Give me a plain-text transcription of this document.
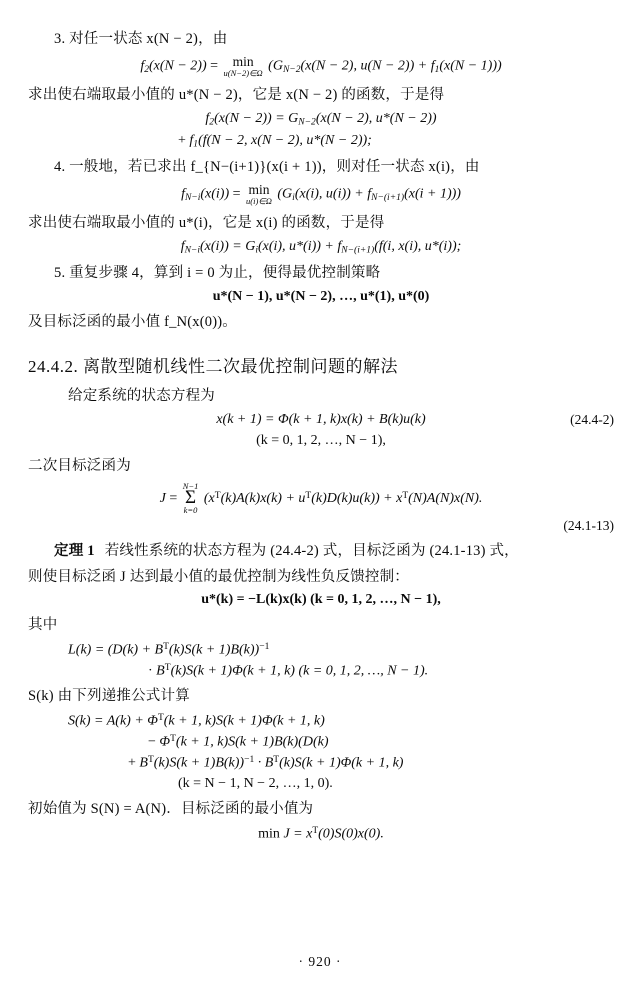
3. 对任一状态 x(N − 2)，由
$f_2(x(N - 2)) = \min$
u(N−2)∈Ω ($G_{N-2}(x(N - 2)$, $u(N - 2)) + f_1(x(N - 1))$)
求出使右端取最小值的 u*(N − 2)，它是 x(N − 2) 的函数，于是得
$f_2(x(N - 2)) = G_{N-2}(x(N - 2)$, u*(N − 2))
+ $f_1(f(N - 2$, x(N − 2), u*(N − 2));
4. 一般地，若已求出 f_{N−(i+1)}(x(i + 1))，则对任一状态 x(i)，由
$f_{N-i}(x(i)) = \min$
u(i)∈Ω ($G_i(x(i)$, $u(i)) + f_{N-(i+1)}(x(i + 1))$)
求出使右端取最小值的 u*(i)，它是 x(i) 的函数，于是得
$f_{N-i}(x(i)) = G_i(x(i)$, $u*(i)) + f_{N-(i+1)}(f(i$, x(i), u*(i));
5. 重复步骤 4，算到 i = 0 为止，便得最优控制策略
u*(N − 1), u*(N − 2), …, u*(1), u*(0)
及目标泛函的最小值 f_N(x(0))。
24.4.2. 离散型随机线性二次最优控制问题的解法
给定系统的状态方程为
x(k + 1) = Φ(k + 1, k)x(k) + B(k)u(k)	(24.4-2)
(k = 0, 1, 2, …, N − 1),
二次目标泛函为
J =
N−1
Σ
k=0
$(x^T(k)A(k)x(k) + u^T(k)D(k)u(k)) + x^T(N)A(N)x(N)$.
(24.1-13)
定理 1 若线性系统的状态方程为 (24.4-2) 式，目标泛函为 (24.1-13) 式，
则使目标泛函 J 达到最小值的最优控制为线性负反馈控制：
u*(k) = −L(k)x(k) (k = 0, 1, 2, …, N − 1),
其中
$L(k) = (D(k) + B^T(k)S(k + 1)B(k))^{-1}$
· $B^T(k)S(k + 1)\Phi(k + 1$, k) (k = 0, 1, 2, …, N − 1).
S(k) 由下列递推公式计算
$S(k) = A(k) + \Phi^T(k + 1$, k)S(k + 1)Φ(k + 1, k)
− $\Phi^T(k + 1$, k)S(k + 1)B(k)(D(k)
+ $B^T(k)S(k + 1)B(k))^{-1} \cdot B^T(k)S(k + 1)\Phi(k + 1$, k)
(k = N − 1, N − 2, …, 1, 0).
初始值为 S(N) = A(N)．目标泛函的最小值为
$\min J = x^T(0)S(0)x(0)$.
· 920 ·
